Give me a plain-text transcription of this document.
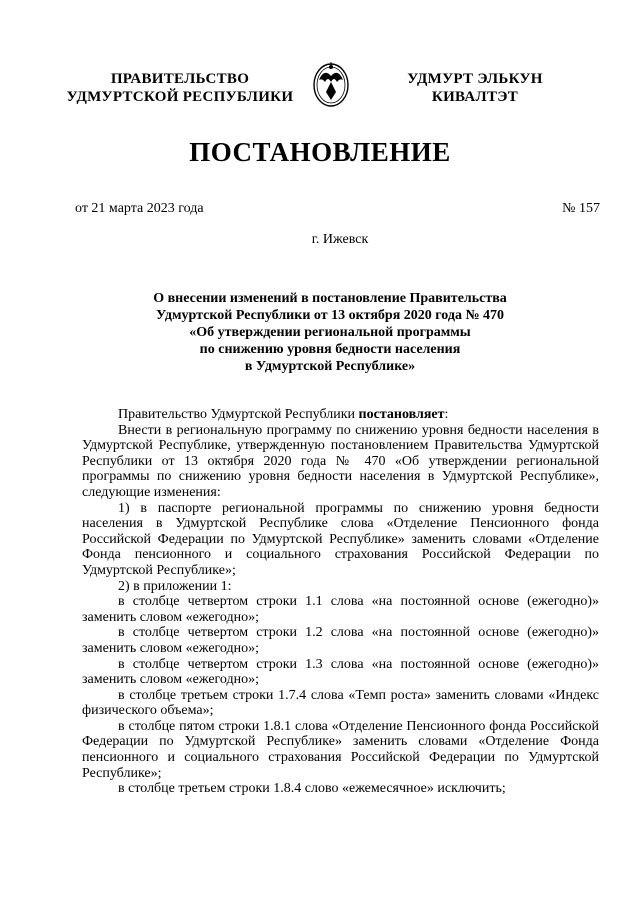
ПРАВИТЕЛЬСТВО
УДМУРТСКОЙ РЕСПУБЛИКИ
УДМУРТ ЭЛЬКУН
КИВАЛТЭТ
ПОСТАНОВЛЕНИЕ
от 21 марта 2023 года	№ 157
г. Ижевск
О внесении изменений в постановление Правительства
Удмуртской Республики от 13 октября 2020 года № 470
«Об утверждении региональной программы
по снижению уровня бедности населения
в Удмуртской Республике»

Правительство Удмуртской Республики постановляет:

Внести в региональную программу по снижению уровня бедности населения в Удмуртской Республике, утвержденную постановлением Правительства Удмуртской Республики от 13 октября 2020 года № 470 «Об утверждении региональной программы по снижению уровня бедности населения в Удмуртской Республике», следующие изменения:

1) в паспорте региональной программы по снижению уровня бедности населения в Удмуртской Республике слова «Отделение Пенсионного фонда Российской Федерации по Удмуртской Республике» заменить словами «Отделение Фонда пенсионного и социального страхования Российской Федерации по Удмуртской Республике»;

2) в приложении 1:

в столбце четвертом строки 1.1 слова «на постоянной основе (ежегодно)» заменить словом «ежегодно»;

в столбце четвертом строки 1.2 слова «на постоянной основе (ежегодно)» заменить словом «ежегодно»;

в столбце четвертом строки 1.3 слова «на постоянной основе (ежегодно)» заменить словом «ежегодно»;

в столбце третьем строки 1.7.4 слова «Темп роста» заменить словами «Индекс физического объема»;

в столбце пятом строки 1.8.1 слова «Отделение Пенсионного фонда Российской Федерации по Удмуртской Республике» заменить словами «Отделение Фонда пенсионного и социального страхования Российской Федерации по Удмуртской Республике»;

в столбце третьем строки 1.8.4 слово «ежемесячное» исключить;
